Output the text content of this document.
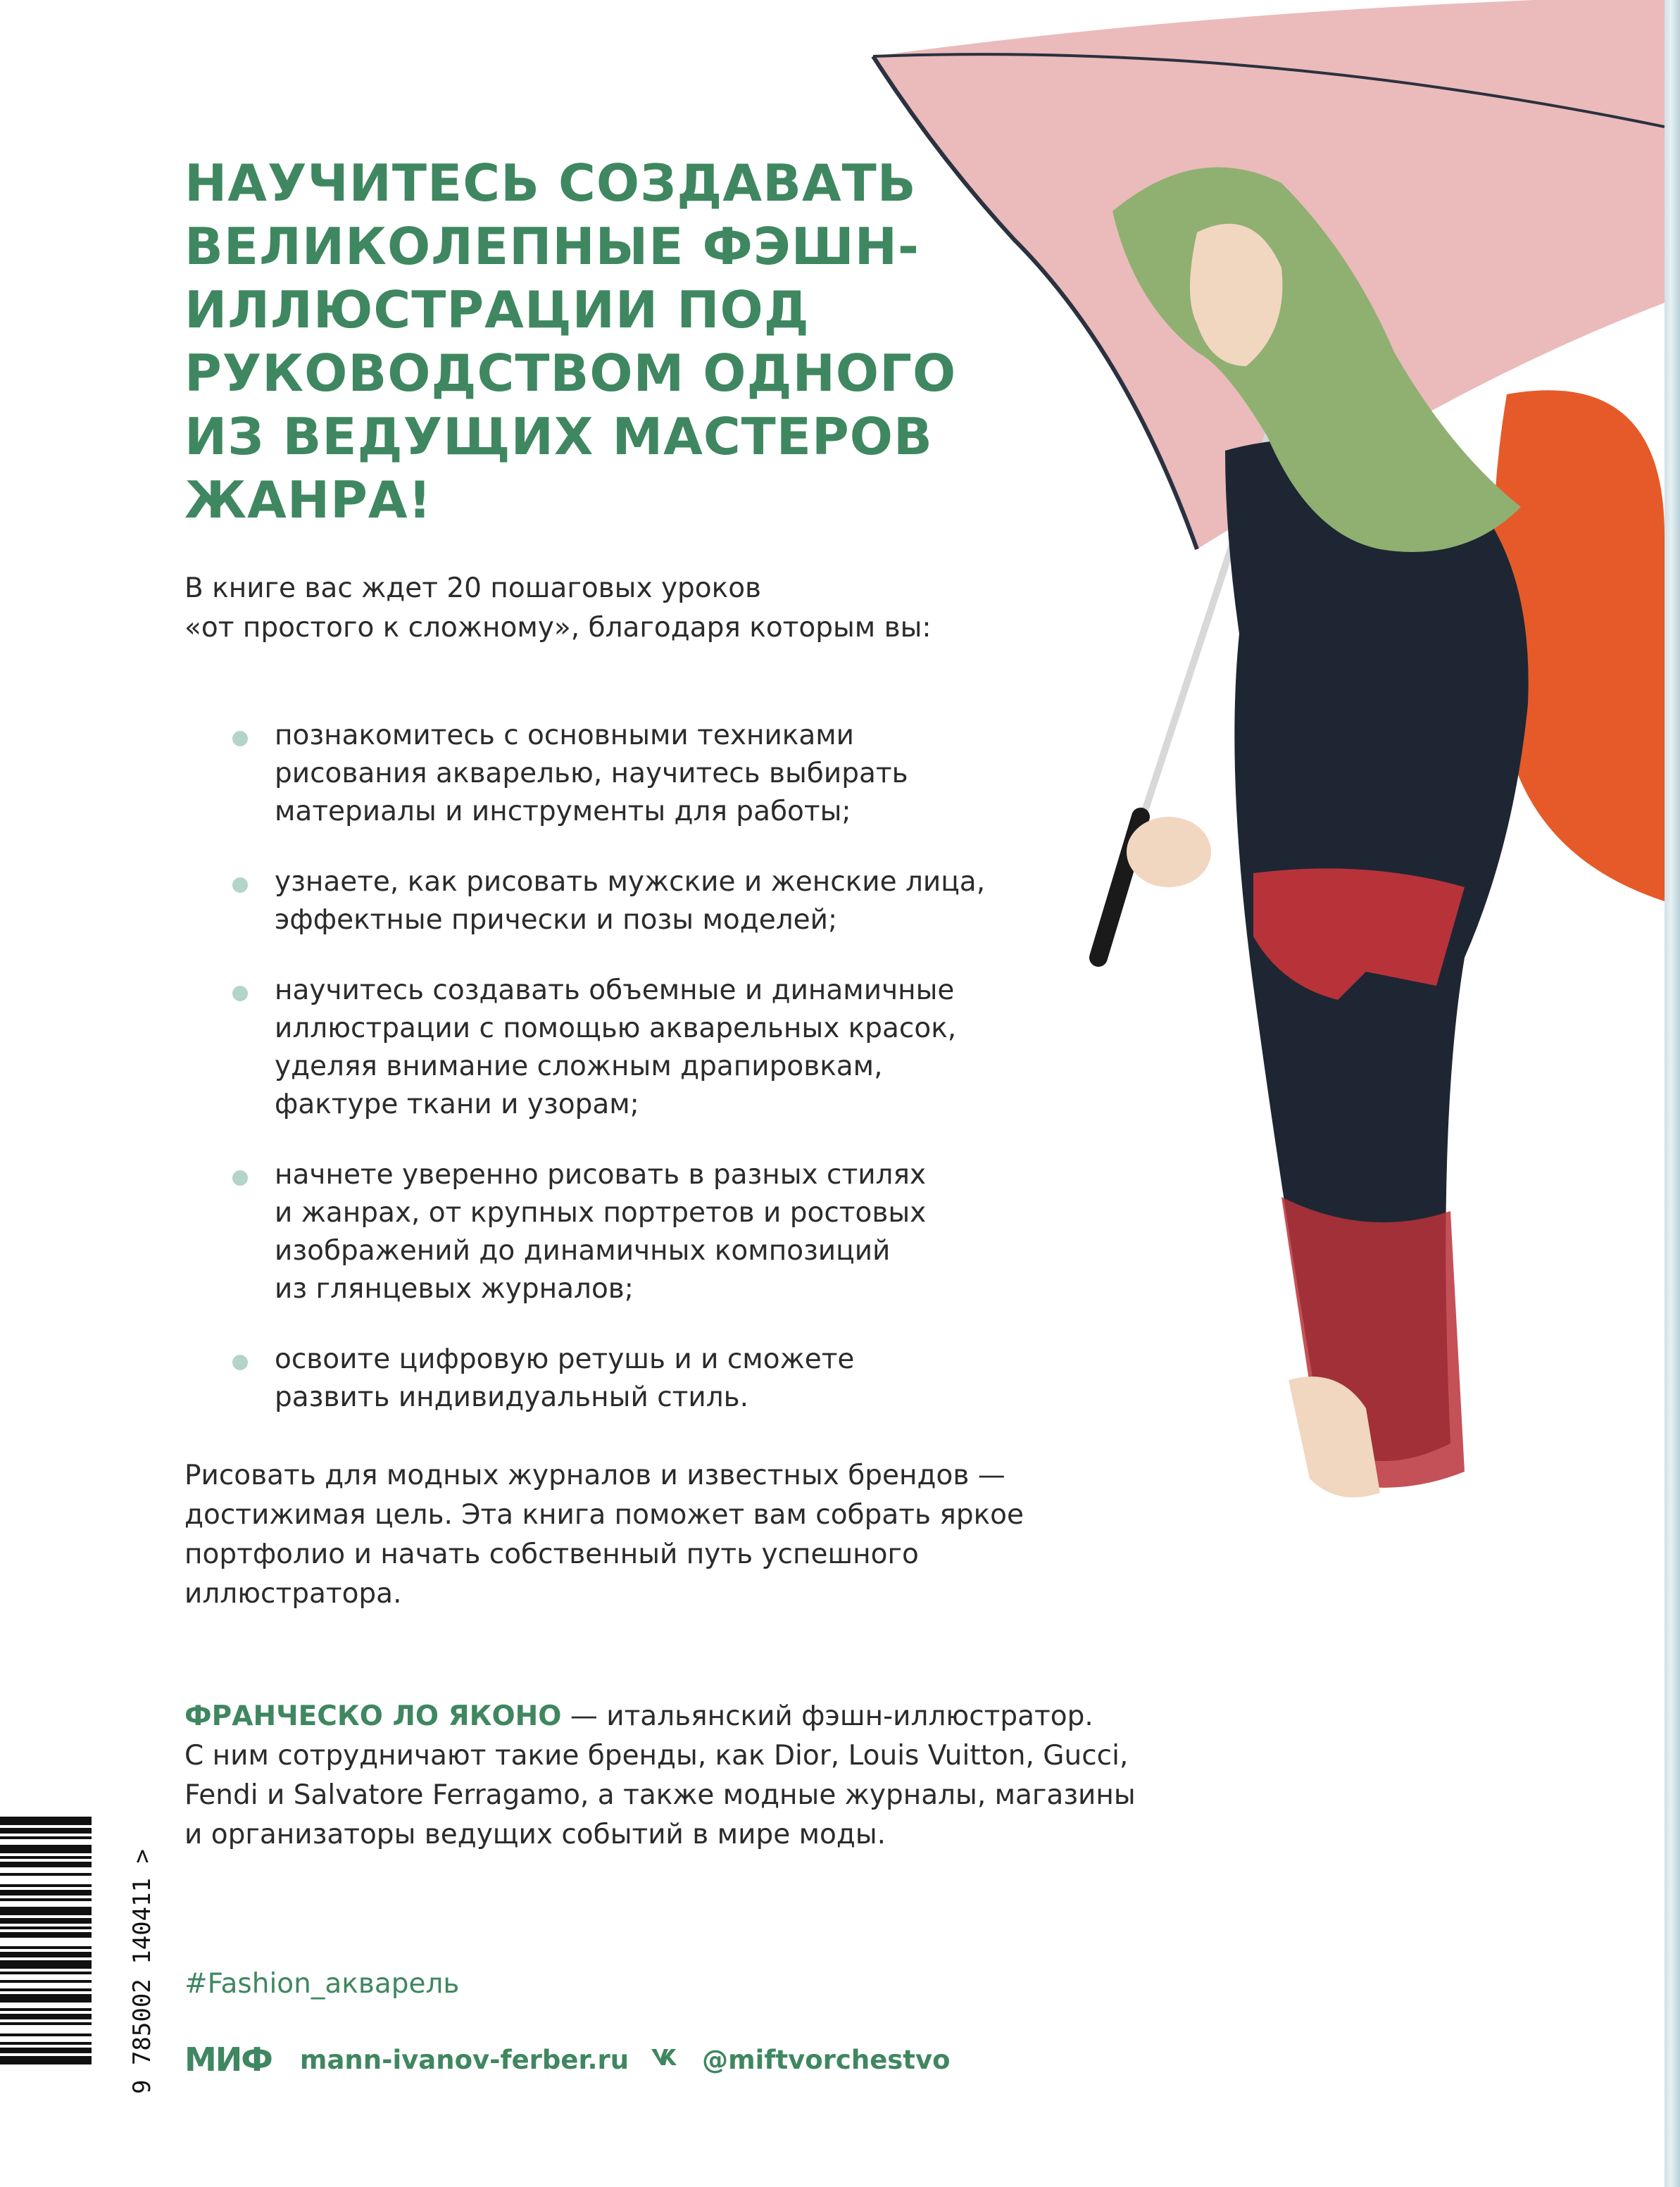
НАУЧИТЕСЬ СОЗДАВАТЬ
ВЕЛИКОЛЕПНЫЕ ФЭШН-
ИЛЛЮСТРАЦИИ ПОД
РУКОВОДСТВОМ ОДНОГО
ИЗ ВЕДУЩИХ МАСТЕРОВ
ЖАНРА!
В книге вас ждет 20 пошаговых уроков
«от простого к сложному», благодаря которым вы:
познакомитесь с основными техниками
рисования акварелью, научитесь выбирать
материалы и инструменты для работы;
узнаете, как рисовать мужские и женские лица,
эффектные прически и позы моделей;
научитесь создавать объемные и динамичные
иллюстрации с помощью акварельных красок,
уделяя внимание сложным драпировкам,
фактуре ткани и узорам;
начнете уверенно рисовать в разных стилях
и жанрах, от крупных портретов и ростовых
изображений до динамичных композиций
из глянцевых журналов;
освоите цифровую ретушь и и сможете
развить индивидуальный стиль.
Рисовать для модных журналов и известных брендов —
достижимая цель. Эта книга поможет вам собрать яркое
портфолио и начать собственный путь успешного
иллюстратора.
ФРАНЧЕСКО ЛО ЯКОНО — итальянский фэшн-иллюстратор.
С ним сотрудничают такие бренды, как Dior, Louis Vuitton, Gucci,
Fendi и Salvatore Ferragamo, а также модные журналы, магазины
и организаторы ведущих событий в мире моды.
#Fashion_акварель
МИФ mann-ivanov-ferber.ru	@miftvorchestvo
9 785002 140411 >
